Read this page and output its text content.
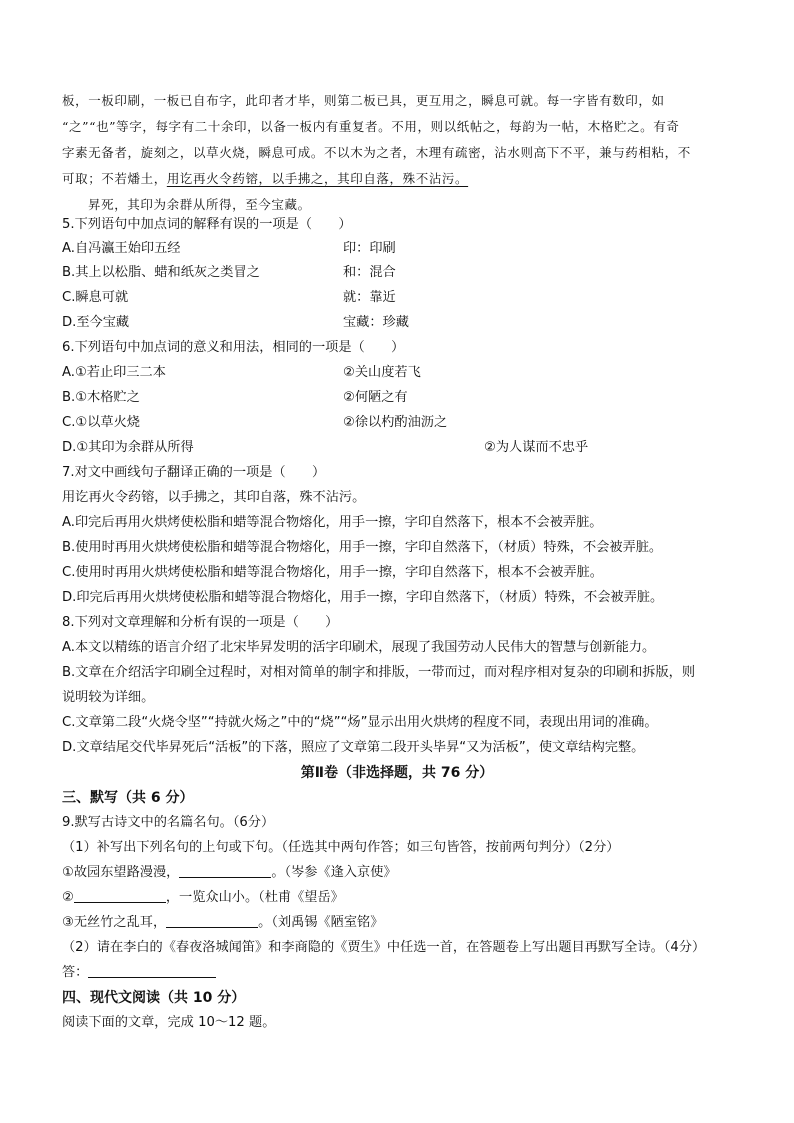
板，一板印刷，一板已自布字，此印者才毕，则第二板已具，更互用之，瞬息可就。每一字皆有数印，如
“之”“也”等字，每字有二十余印，以备一板内有重复者。不用，则以纸帖之，每韵为一帖，木格贮之。有奇
字素无备者，旋刻之，以草火烧，瞬息可成。不以木为之者，木理有疏密，沾水则高下不平，兼与药相粘，不
可取；不若燔土，用讫再火令药镕，以手拂之，其印自落，殊不沾污。
昇死，其印为余群从所得，至今宝藏。
5.下列语句中加点词的解释有误的一项是（　　）
A.自冯瀛王始印五经	印：印刷
B.其上以松脂、蜡和纸灰之类冒之	和：混合
C.瞬息可就	就：靠近
D.至今宝藏	宝藏：珍藏
6.下列语句中加点词的意义和用法，相同的一项是（　　）
A.①若止印三二本	②关山度若飞
B.①木格贮之	②何陋之有
C.①以草火烧	②徐以杓酌油沥之
D.①其印为余群从所得	②为人谋而不忠乎
7.对文中画线句子翻译正确的一项是（　　）
用讫再火令药镕，以手拂之，其印自落，殊不沾污。
A.印完后再用火烘烤使松脂和蜡等混合物熔化，用手一擦，字印自然落下，根本不会被弄脏。
B.使用时再用火烘烤使松脂和蜡等混合物熔化，用手一擦，字印自然落下，（材质）特殊，不会被弄脏。
C.使用时再用火烘烤使松脂和蜡等混合物熔化，用手一擦，字印自然落下，根本不会被弄脏。
D.印完后再用火烘烤使松脂和蜡等混合物熔化，用手一擦，字印自然落下，（材质）特殊，不会被弄脏。
8.下列对文章理解和分析有误的一项是（　　）
A.本文以精练的语言介绍了北宋毕昇发明的活字印刷术，展现了我国劳动人民伟大的智慧与创新能力。
B.文章在介绍活字印刷全过程时，对相对简单的制字和排版，一带而过，而对程序相对复杂的印刷和拆版，则
说明较为详细。
C.文章第二段“火烧令坚”“持就火炀之”中的“烧”“炀”显示出用火烘烤的程度不同，表现出用词的准确。
D.文章结尾交代毕昇死后“活板”的下落，照应了文章第二段开头毕昇“又为活板”，使文章结构完整。
第Ⅱ卷（非选择题，共 76 分）
三、默写（共 6 分）
9.默写古诗文中的名篇名句。（6分）
（1）补写出下列名句的上句或下句。（任选其中两句作答；如三句皆答，按前两句判分）（2分）
①故园东望路漫漫，	。（岑参《逢入京使》
②	，一览众山小。（杜甫《望岳》
③无丝竹之乱耳，	。（刘禹锡《陋室铭》
（2）请在李白的《春夜洛城闻笛》和李商隐的《贾生》中任选一首，在答题卷上写出题目再默写全诗。（4分）
答：
四、现代文阅读（共 10 分）
阅读下面的文章，完成 10～12 题。
